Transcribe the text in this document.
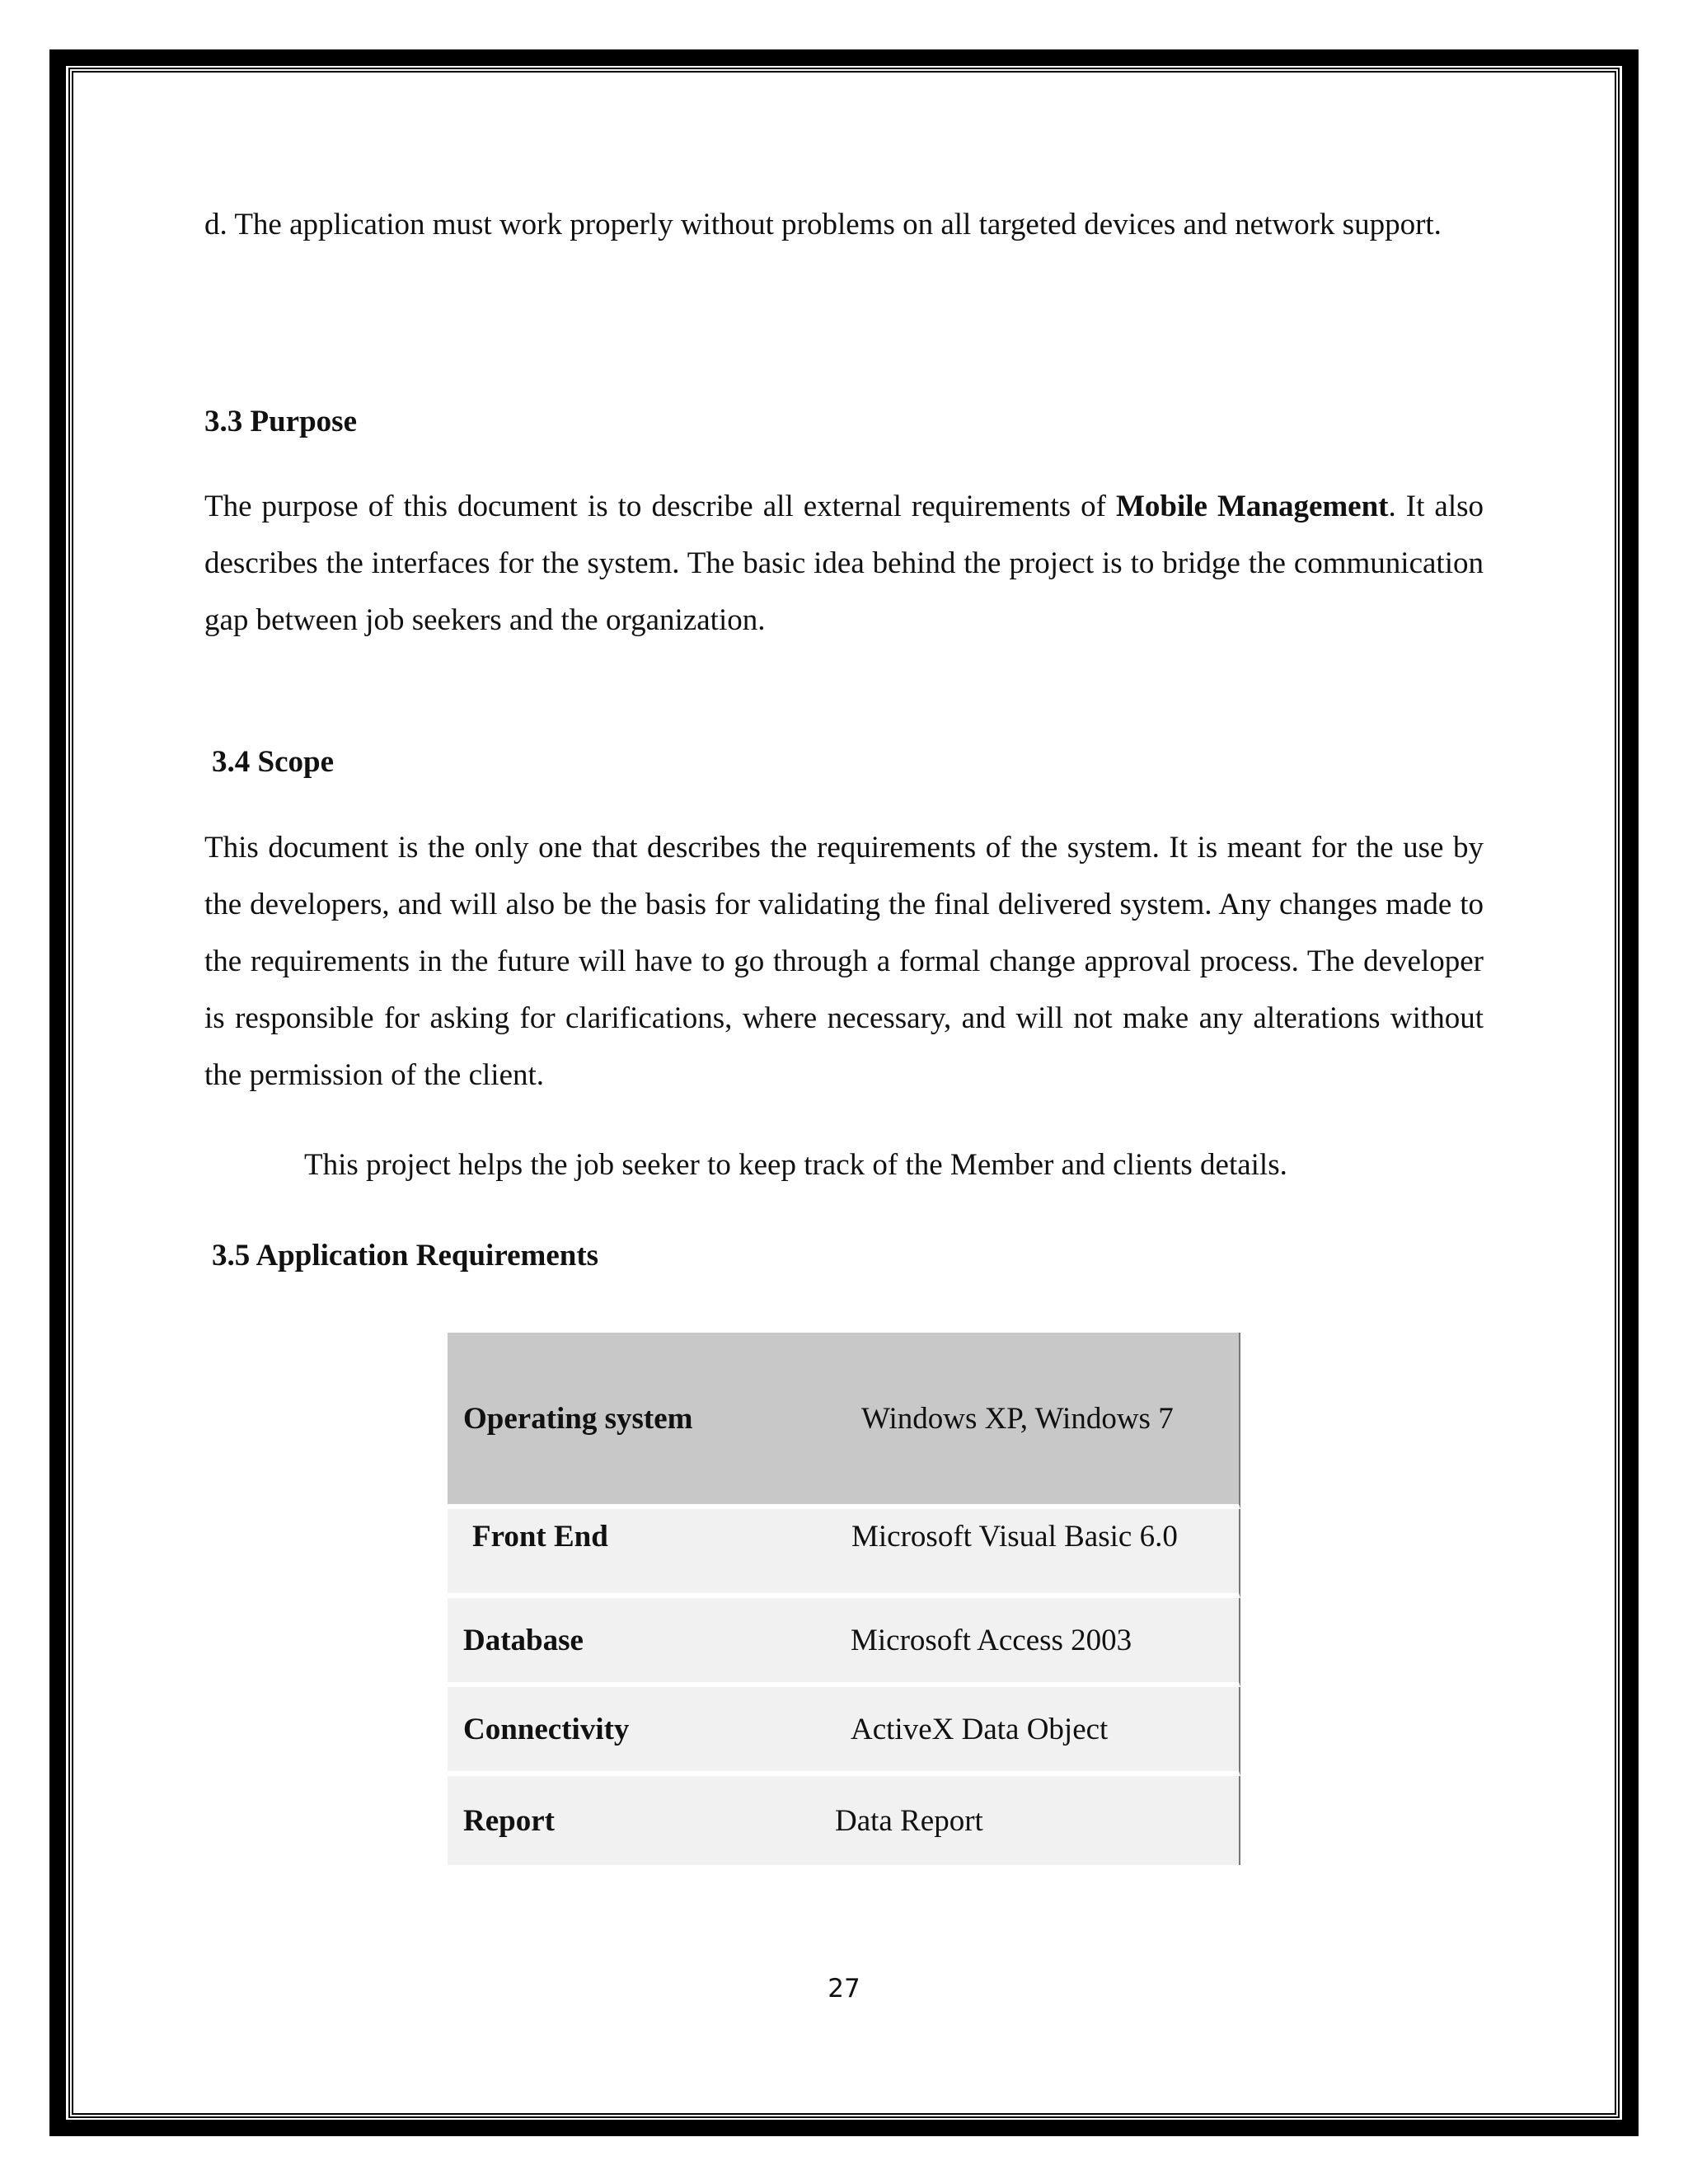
d. The application must work properly without problems on all targeted devices and network support.

3.3 Purpose

The purpose of this document is to describe all external requirements of Mobile Management. It also describes the interfaces for the system. The basic idea behind the project is to bridge the communication gap between job seekers and the organization.

3.4 Scope

This document is the only one that describes the requirements of the system. It is meant for the use by the developers, and will also be the basis for validating the final delivered system. Any changes made to the requirements in the future will have to go through a formal change approval process. The developer is responsible for asking for clarifications, where necessary, and will not make any alterations without the permission of the client.

This project helps the job seeker to keep track of the Member and clients details.

3.5 Application Requirements
Operating system	Windows XP, Windows 7
Front End	Microsoft Visual Basic 6.0
Database	Microsoft Access 2003
Connectivity	ActiveX Data Object
Report	Data Report
27
